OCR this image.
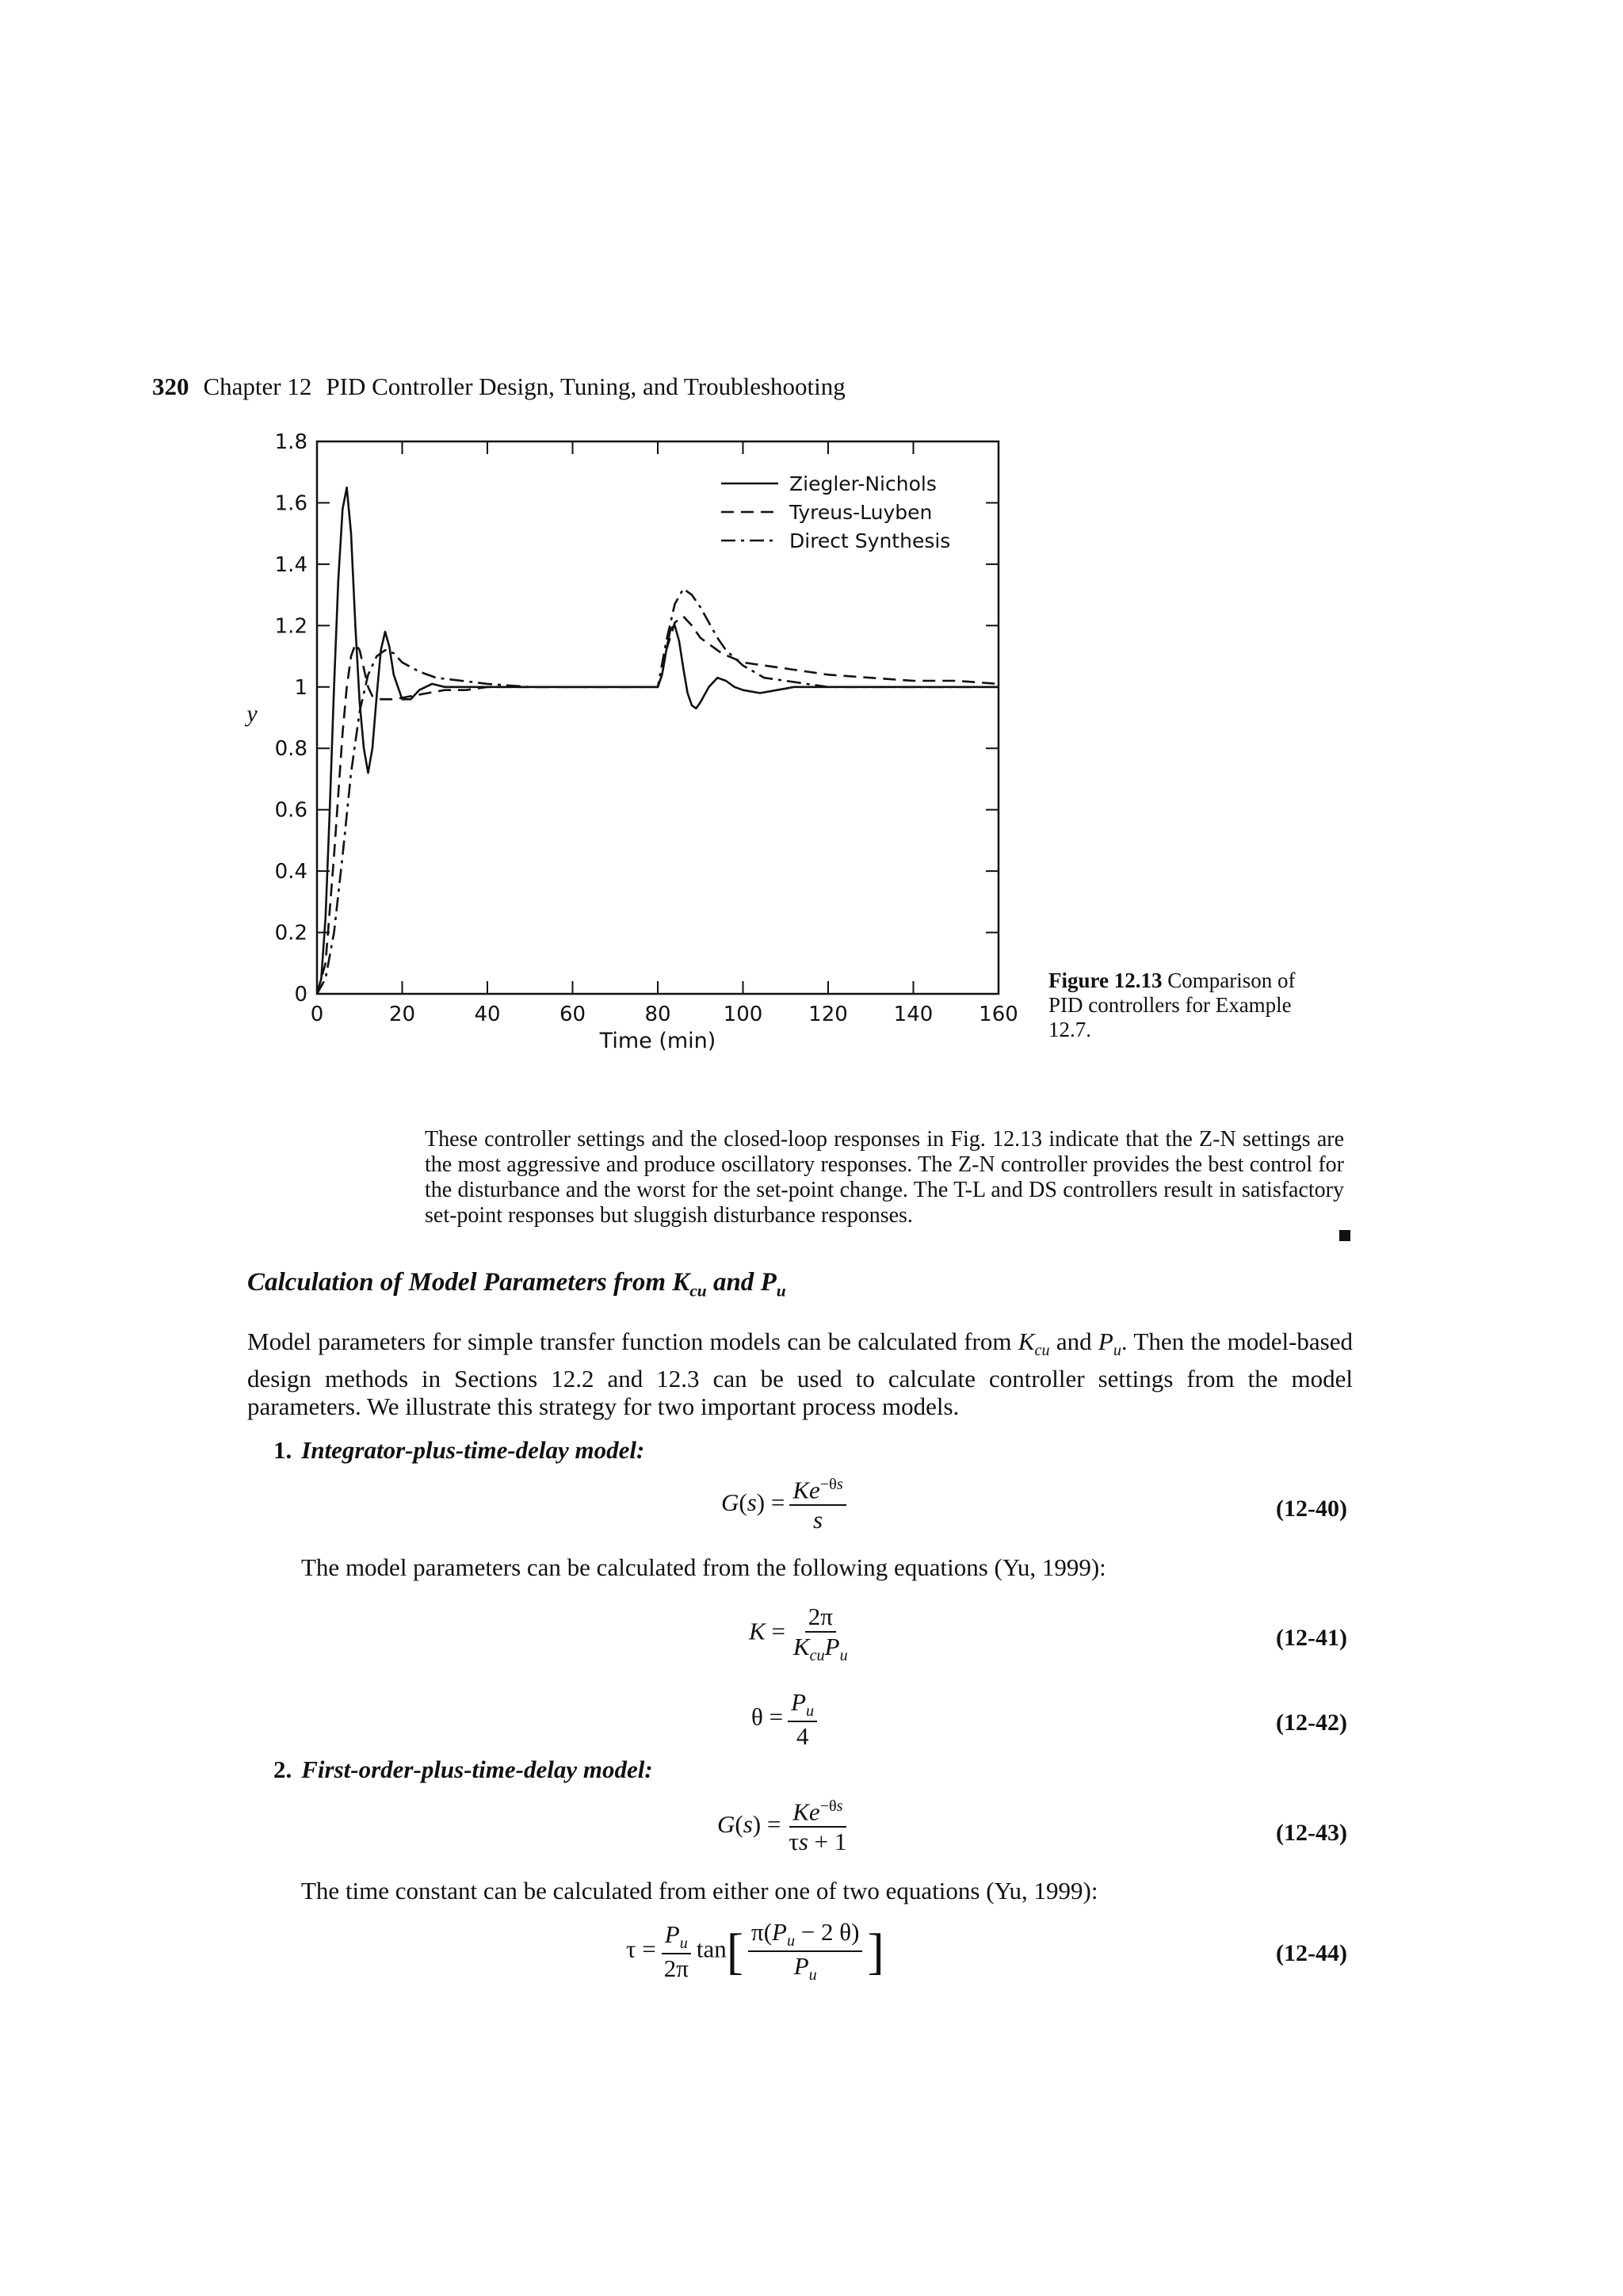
320 Chapter 12 PID Controller Design, Tuning, and Troubleshooting
0	20	40	60	80	100 120 140 160
0
0.2
0.4
0.6
0.8
1
1.2
1.4
1.6
1.8
Ziegler-Nichols
Tyreus-Luyben
Direct Synthesis
Time (min)
y
Figure 12.13 Comparison of PID controllers for Example 12.7.
These controller settings and the closed-loop responses in Fig. 12.13 indicate that the Z-N settings are the most aggressive and produce oscillatory responses. The Z-N controller provides the best control for the disturbance and the worst for the set-point change. The T-L and DS controllers result in satisfactory set-point responses but sluggish disturbance responses.
Calculation of Model Parameters from $K_{cu}$ and $P_u$
Model parameters for simple transfer function models can be calculated from $K_{cu}$ and $P_u$. Then the model-based design methods in Sections 12.2 and 12.3 can be used to calculate controller settings from the model parameters. We illustrate this strategy for two important process models.
1. Integrator-plus-time-delay model:
$G(s) = \frac{Ke^{-\theta s}}{s}$	(12-40)
The model parameters can be calculated from the following equations (Yu, 1999):
$K = \frac{2\pi}{K_{cu}P_u}$	(12-41)
$\theta = \frac{P_u}{4}$	(12-42)
2. First-order-plus-time-delay model:
$G(s) = \frac{Ke^{-\theta s}}{\tau s + 1}$	(12-43)
The time constant can be calculated from either one of two equations (Yu, 1999):
$\tau = \frac{P_u}{2\pi} \tan[ \frac{\pi(P_u - 2 \theta)}{P_u}$ ]	(12-44)
